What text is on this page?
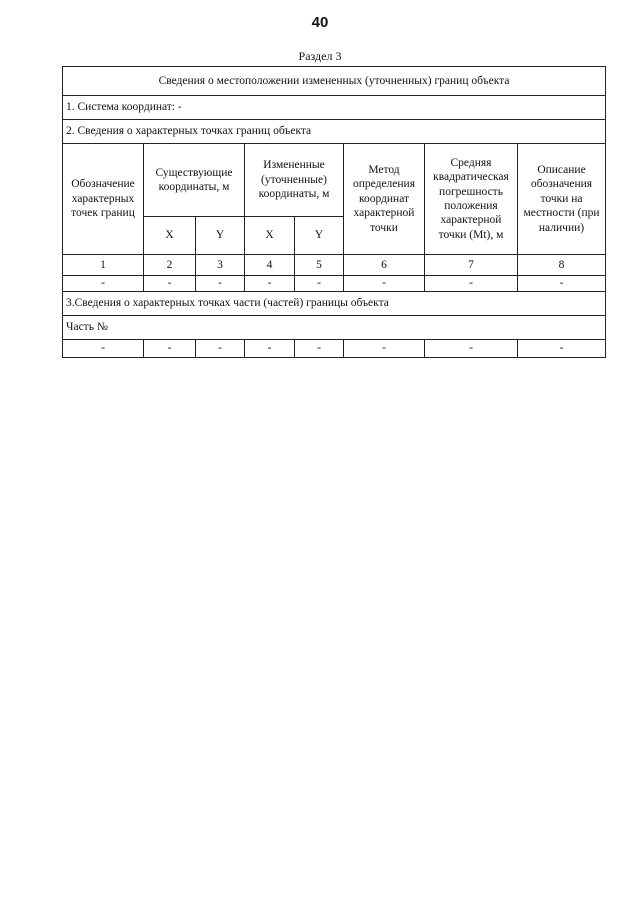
40
Раздел 3
Сведения о местоположении измененных (уточненных) границ объекта							
1. Система координат: -							
2. Сведения о характерных точках границ объекта							
Обозначение характерных точек границ	Существующие координаты, м		Измененные (уточненные) координаты, м		Метод определения координат характерной точки	Средняя квадратическая погрешность положения характерной точки (Mt), м	Описание обозначения точки на местности (при наличии)
	X	Y	X	Y			
1	2	3	4	5	6	7	8
-	-	-	-	-	-	-	-
3.Сведения о характерных точках части (частей) границы объекта							
Часть №							
-	-	-	-	-	-	-	-
